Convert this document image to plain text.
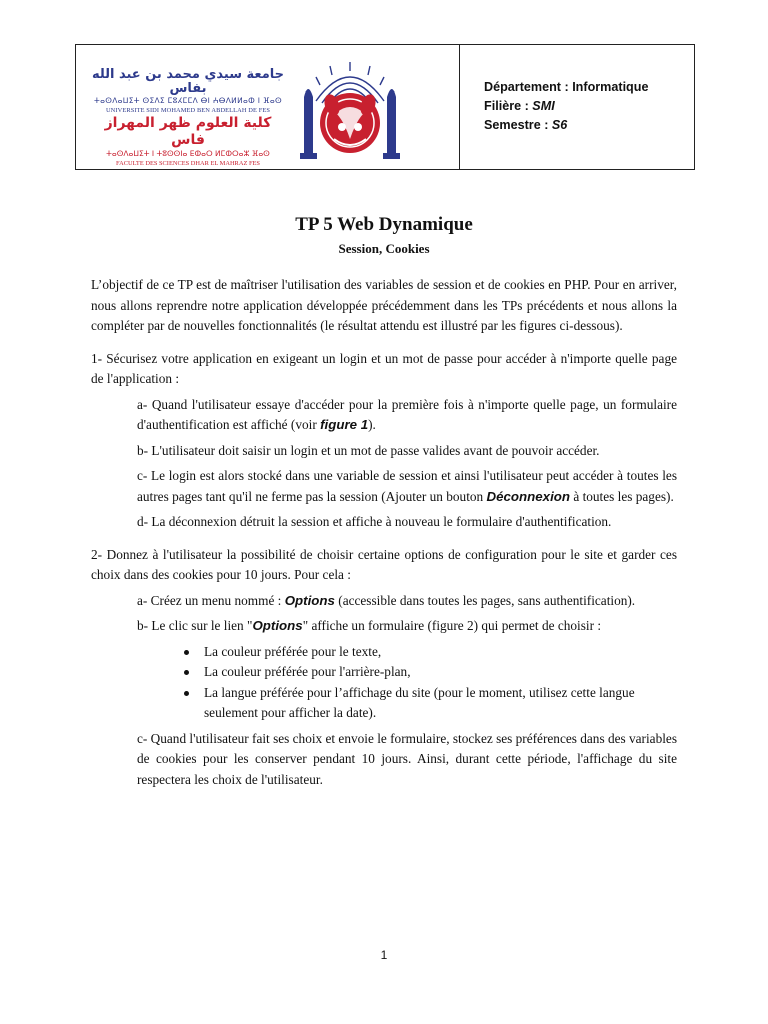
جامعة سيدي محمد بن عبد الله بفاس
ⵜⴰⵙⴷⴰⵡⵉⵜ ⵙⵉⴷⵉ ⵎⵓⵃⵎⵎⴷ ⴱⵏ ⵄⴱⴷⵍⵍⴰⵀ ⵏ ⴼⴰⵙ
UNIVERSITE SIDI MOHAMED BEN ABDELLAH DE FES
كلية العلوم ظهر المهراز فاس
ⵜⴰⵙⴷⴰⵡⵉⵜ ⵏ ⵜⵓⵙⵙⵏⴰ ⴹⵀⴰⵔ ⵍⵎⵀⵔⴰⵣ ⴼⴰⵙ
FACULTE DES SCIENCES DHAR EL MAHRAZ FES
Département : Informatique
Filière : SMI
Semestre : S6
TP 5 Web Dynamique
Session, Cookies

L’objectif de ce TP est de maîtriser l'utilisation des variables de session et de cookies en PHP. Pour en arriver, nous allons reprendre notre application développée précédemment dans les TPs précédents et nous allons la compléter par de nouvelles fonctionnalités (le résultat attendu est illustré par les figures ci-dessous).

1- Sécurisez votre application en exigeant un login et un mot de passe pour accéder à n'importe quelle page de l'application :

a- Quand l'utilisateur essaye d'accéder pour la première fois à n'importe quelle page, un formulaire d'authentification est affiché (voir figure 1).

b- L'utilisateur doit saisir un login et un mot de passe valides avant de pouvoir accéder.

c- Le login est alors stocké dans une variable de session et ainsi l'utilisateur peut accéder à toutes les autres pages tant qu'il ne ferme pas la session (Ajouter un bouton Déconnexion à toutes les pages).

d- La déconnexion détruit la session et affiche à nouveau le formulaire d'authentification.

2- Donnez à l'utilisateur la possibilité de choisir certaine options de configuration pour le site et garder ces choix dans des cookies pour 10 jours. Pour cela :

a- Créez un menu nommé : Options (accessible dans toutes les pages, sans authentification).

b- Le clic sur le lien "Options" affiche un formulaire (figure 2) qui permet de choisir :

La couleur préférée pour le texte,
La couleur préférée pour l'arrière-plan,
La langue préférée pour l’affichage du site (pour le moment, utilisez cette langue seulement pour afficher la date).

c- Quand l'utilisateur fait ses choix et envoie le formulaire, stockez ses préférences dans des variables de cookies pour les conserver pendant 10 jours. Ainsi, durant cette période, l'affichage du site respectera les choix de l'utilisateur.

1
